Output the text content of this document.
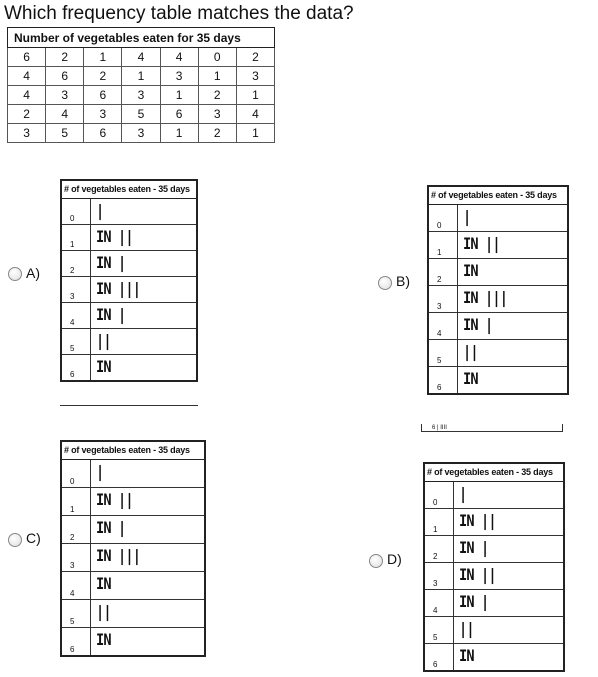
Which frequency table matches the data?
Number of vegetables eaten for 35 days						
6	2	1	4	4	0	2
4	6	2	1	3	1	3
4	3	6	3	1	2	1
2	4	3	5	6	3	4
3	5	6	3	1	2	1
A)
# of vegetables eaten - 35 days
0 |
1 IN ||
2 IN |
3 IN |||
4 IN |
5 ||
6 IN
B)
# of vegetables eaten - 35 days
0 |
1 IN ||
2 IN
3 IN |||
4 IN |
5 ||
6 IN
6 | IIII
C)
# of vegetables eaten - 35 days
0
|
1
IN ||
2
IN |
3
IN |||
4
IN
5
||
6
IN
D)
# of vegetables eaten - 35 days
0 |
1 IN ||
2 IN |
3 IN ||
4 IN |
5 ||
6 IN
